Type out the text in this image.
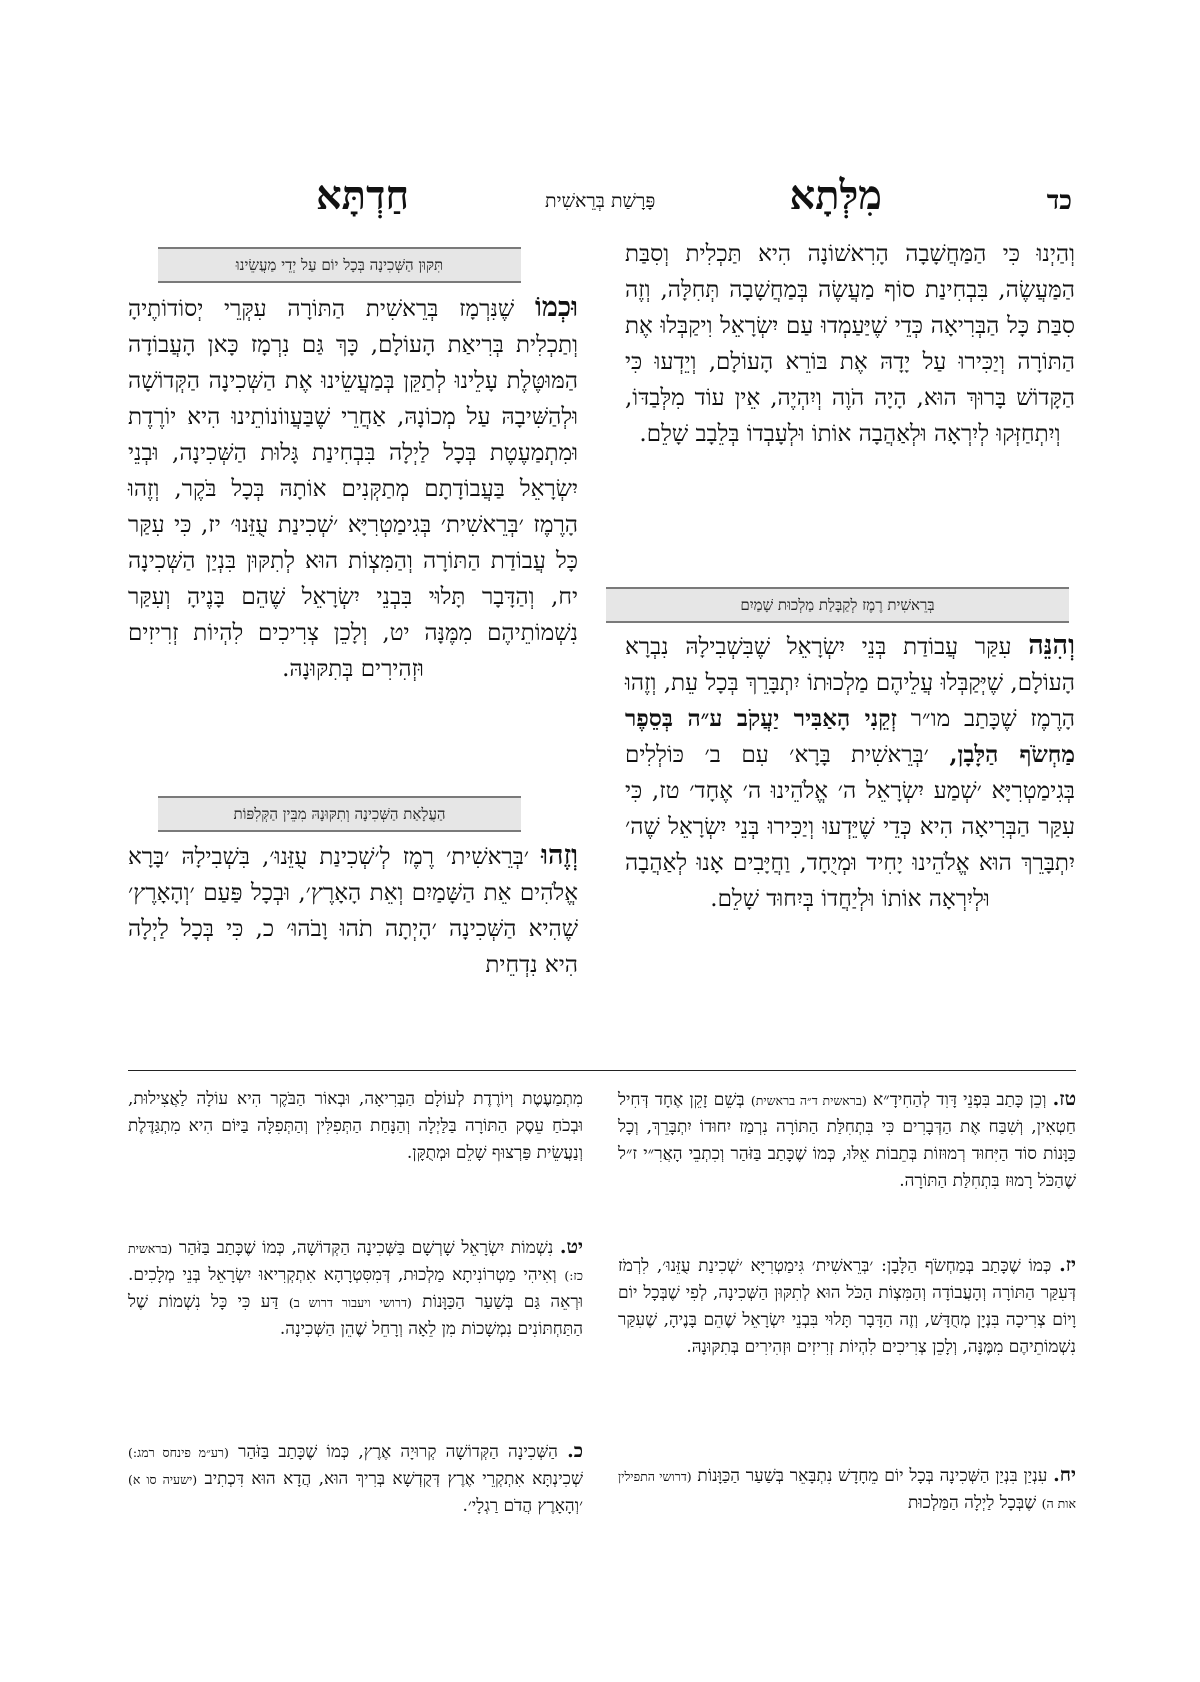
כד
מִלְּתָא
פָּרָשַׁת בְּרֵאשִׁית
חַדְתָּא

וְהַיְנוּ כִּי הַמַּחֲשָׁבָה הָרִאשׁוֹנָה הִיא תַּכְלִית וְסִבַּת הַמַּעֲשֶׂה, בִּבְחִינַת סוֹף מַעֲשֶׂה בְּמַחֲשָׁבָה תְּחִלָּה, וְזֶה סִבַּת כָּל הַבְּרִיאָה כְּדֵי שֶׁיַּעַמְדוּ עַם יִשְׂרָאֵל וִיקַבְּלוּ אֶת הַתּוֹרָה וְיַכִּירוּ עַל יָדָהּ אֶת בּוֹרֵא הָעוֹלָם, וְיֵדְעוּ כִּי הַקָּדוֹשׁ בָּרוּךְ הוּא, הָיָה הֹוֶה וְיִהְיֶה, אֵין עוֹד מִלְּבַדּוֹ, וְיִתְחַזְּקוּ לְיִרְאָה וּלְאַהֲבָה אוֹתוֹ וּלְעָבְדוֹ בְּלֵבָב שָׁלֵם.

בְּרֵאשִׁית רֶמֶז לְקַבָּלַת מַלְכוּת שָׁמַיִם

וְהִנֵּה עִקַּר עֲבוֹדַת בְּנֵי יִשְׂרָאֵל שֶׁבִּשְׁבִילָהּ נִבְרָא הָעוֹלָם, שֶׁיְּקַבְּלוּ עֲלֵיהֶם מַלְכוּתוֹ יִתְבָּרֵךְ בְּכָל עֵת, וְזֶהוּ הָרֶמֶז שֶׁכָּתַב מו״ר זְקֵנִי הָאַבִּיר יַעֲקֹב ע״ה בְּסֵפֶר מַחְשֹׂף הַלָּבָן, ׳בְּרֵאשִׁית בָּרָא׳ עִם ב׳ כּוֹלְלִים בְּגִימַטְרִיָּא ׳שְׁמַע יִשְׂרָאֵל ה׳ אֱלֹהֵינוּ ה׳ אֶחָד׳ טז, כִּי עִקַּר הַבְּרִיאָה הִיא כְּדֵי שֶׁיֵּדְעוּ וְיַכִּירוּ בְּנֵי יִשְׂרָאֵל שֶׁה׳ יִתְבָּרֵךְ הוּא אֱלֹהֵינוּ יָחִיד וּמְיֻחָד, וַחֲיָּבִים אָנוּ לְאַהֲבָה וּלְיִרְאָה אוֹתוֹ וּלְיַחֲדוֹ בְּיִחוּד שָׁלֵם.

תִּקּוּן הַשְּׁכִינָה בְּכָל יוֹם עַל יְדֵי מַעֲשֵׂינוּ

וּכְמוֹ שֶׁנִּרְמָז בְּרֵאשִׁית הַתּוֹרָה עִקְּרֵי יְסוֹדוֹתֶיהָ וְתַכְלִית בְּרִיאַת הָעוֹלָם, כָּךְ גַּם נִרְמָז כָּאן הָעֲבוֹדָה הַמּוּטֶּלֶת עָלֵינוּ לְתַקֵּן בְּמַעֲשֵׂינוּ אֶת הַשְּׁכִינָה הַקְּדוֹשָׁה וּלְהַשִּׁיבָהּ עַל מְכוֹנָהּ, אַחֲרֵי שֶׁבַּעֲווֹנוֹתֵינוּ הִיא יוֹרֶדֶת וּמִתְמַעֶטֶת בְּכָל לַיְלָה בִּבְחִינַת גָּלוּת הַשְּׁכִינָה, וּבְנֵי יִשְׂרָאֵל בַּעֲבוֹדָתָם מְתַקְּנִים אוֹתָהּ בְּכָל בֹּקֶר, וְזֶהוּ הָרֶמֶז ׳בְּרֵאשִׁית׳ בְּגִימַטְרִיָּא ׳שְׁכִינַת עֻזֵּנוּ׳ יז, כִּי עִקַּר כָּל עֲבוֹדַת הַתּוֹרָה וְהַמִּצְוֹת הוּא לְתִקּוּן בִּנְיַן הַשְּׁכִינָה יח, וְהַדָּבָר תָּלוּי בִּבְנֵי יִשְׂרָאֵל שֶׁהֵם בָּנֶיהָ וְעִקַּר נִשְׁמוֹתֵיהֶם מִמֶּנָּה יט, וְלָכֵן צְרִיכִים לִהְיוֹת זְרִיזִים וּזְהִירִים בְּתִקּוּנָהּ.

הַעֲלָאַת הַשְּׁכִינָה וְתִקּוּנָהּ מִבֵּין הַקְּלִפּוֹת

וְזֶהוּ ׳בְּרֵאשִׁית׳ רֶמֶז לְ׳שְׁכִינַת עֻזֵּנוּ׳, בִּשְׁבִילָהּ ׳בָּרָא אֱלֹהִים אֵת הַשָּׁמַיִם וְאֵת הָאָרֶץ׳, וּבְכָל פַּעַם ׳וְהָאָרֶץ׳ שֶׁהִיא הַשְּׁכִינָה ׳הָיְתָה תֹהוּ וָבֹהוּ׳ כ, כִּי בְּכָל לַיְלָה הִיא נִדְחֵית

טז. וְכֵן כָּתַב בִּפְנֵי דָּוִד לְהַחִידָ״א (בראשית ד״ה בראשית) בְּשֵׁם זָקֵן אֶחָד דְּחִיל חַטְאִין, וְשִׁבַּח אֶת הַדְּבָרִים כִּי בִּתְחִלַּת הַתּוֹרָה נִרְמַז יִחוּדוֹ יִתְבָּרֵךְ, וְכָל כַּוָּנוֹת סוֹד הַיִּחוּד רְמוּזוֹת בְּתֵבוֹת אֵלּוּ, כְּמוֹ שֶׁכָּתַב בַּזֹּהַר וְכִתְבֵי הָאֲרִ״י ז״ל שֶׁהַכֹּל רָמוּז בִּתְחִלַּת הַתּוֹרָה.

יז. כְּמוֹ שֶׁכָּתַב בְּמַחְשֹׂף הַלָּבָן: ׳בְּרֵאשִׁית׳ גִּימַטְרִיָּא ׳שְׁכִינַת עֻזֵּנוּ׳, לִרְמֹז דְּעִקַּר הַתּוֹרָה וְהָעֲבוֹדָה וְהַמִּצְוֹת הַכֹּל הוּא לְתִקּוּן הַשְּׁכִינָה, לְפִי שֶׁבְּכָל יוֹם וָיוֹם צְרִיכָה בִּנְיָן מְחֻדָּשׁ, וְזֶה הַדָּבָר תָּלוּי בִּבְנֵי יִשְׂרָאֵל שֶׁהֵם בָּנֶיהָ, שֶׁעִקַּר נִשְׁמוֹתֵיהֶם מִמֶּנָּה, וְלָכֵן צְרִיכִים לִהְיוֹת זְרִיזִים וּזְהִירִים בְּתִקּוּנָהּ.

יח. עִנְיַן בִּנְיַן הַשְּׁכִינָה בְּכָל יוֹם מֵחָדָשׁ נִתְבָּאֵר בְּשַׁעַר הַכַּוָּנוֹת (דרושי התפילין אות ה) שֶׁבְּכָל לַיְלָה הַמַּלְכוּת

מִתְמַעֶטֶת וְיוֹרֶדֶת לְעוֹלָם הַבְּרִיאָה, וּבְאוֹר הַבֹּקֶר הִיא עוֹלָה לַאֲצִילוּת, וּבְכֹחַ עֵסֶק הַתּוֹרָה בַּלַּיְלָה וְהַנָּחַת הַתְּפִלִּין וְהַתְּפִלָּה בַּיּוֹם הִיא מִתְגַּדֶּלֶת וְנַעֲשֵׂית פַּרְצוּף שָׁלֵם וּמְתֻקָּן.

יט. נִשְׁמוֹת יִשְׂרָאֵל שָׁרְשָׁם בַּשְּׁכִינָה הַקְּדוֹשָׁה, כְּמוֹ שֶׁכָּתַב בַּזֹּהַר (בראשית כז:) וְאִיהִי מַטְרוֹנִיתָא מַלְכוּת, דְּמִסִּטְרָהָא אִתְקְרִיאוּ יִשְׂרָאֵל בְּנֵי מְלָכִים. וּרְאֵה גַּם בְּשַׁעַר הַכַּוָּנוֹת (דרושי ויעבור דרוש ב) דַּע כִּי כָּל נִשְׁמוֹת שֶׁל הַתַּחְתּוֹנִים נִמְשָׁכוֹת מִן לֵאָה וְרָחֵל שֶׁהֵן הַשְּׁכִינָה.

כ. הַשְּׁכִינָה הַקְּדוֹשָׁה קְרוּיָה אֶרֶץ, כְּמוֹ שֶׁכָּתַב בַּזֹּהַר (רע״מ פינחס רמג:) שְׁכִינְתָּא אִתְקְרֵי אֶרֶץ דְּקֻדְשָׁא בְּרִיךְ הוּא, הֲדָא הוּא דִּכְתִיב (ישעיה סו א) ׳וְהָאָרֶץ הֲדֹם רַגְלָי׳.
